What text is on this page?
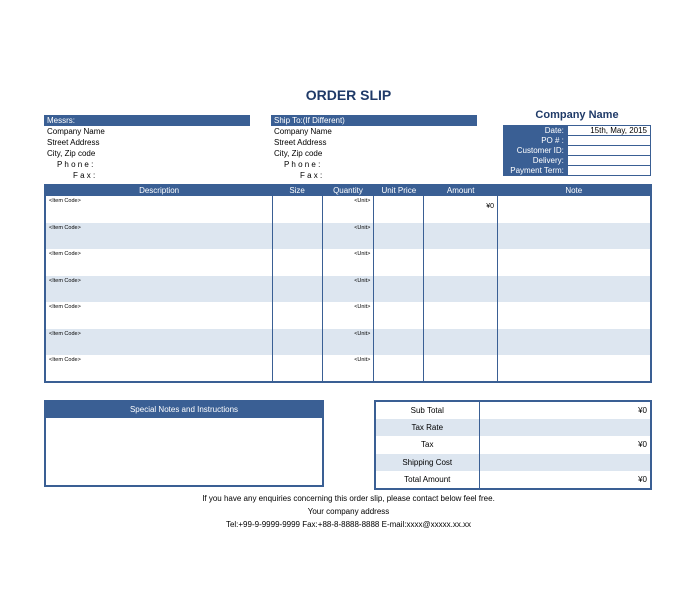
ORDER SLIP
Messrs:
Company Name
Street Address
City, Zip code
P h o n e :
F a x :
Ship To:(If Different)
Company Name
Street Address
City, Zip code
P h o n e :
F a x :
Company Name
Date:	15th, May, 2015
PO # :	
Customer ID:	
Delivery:	
Payment Term:	
Description	Size	Quantity	Unit Price	Amount	Note
<Item Code>		<Unit>		¥0	
<Item Code>		<Unit>			
<Item Code>		<Unit>			
<Item Code>		<Unit>			
<Item Code>		<Unit>			
<Item Code>		<Unit>			
<Item Code>		<Unit>			
Special Notes and Instructions	Sub Total	¥0
Tax Rate	
Tax	¥0
Shipping Cost	
Total Amount	¥0
If you have any enquiries concerning this order slip, please contact below feel free.
Your company address
Tel:+99-9-9999-9999 Fax:+88-8-8888-8888 E-mail:xxxx@xxxxx.xx.xx
